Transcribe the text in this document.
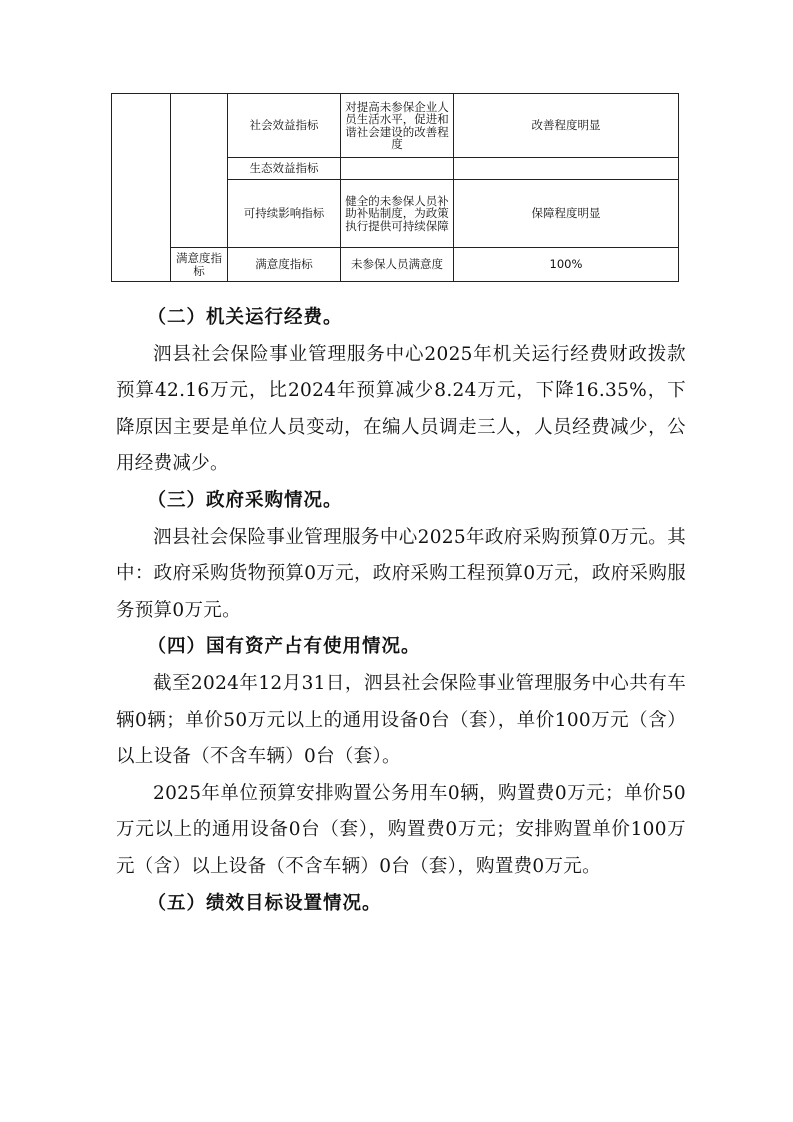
		社会效益指标	对提高未参保企业人员生活水平，促进和谐社会建设的改善程度	改善程度明显
		生态效益指标		
		可持续影响指标	健全的未参保人员补助补贴制度，为政策执行提供可持续保障	保障程度明显
	满意度指标	满意度指标	未参保人员满意度	100%
（二）机关运行经费。

泗县社会保险事业管理服务中心2025年机关运行经费财政拨款预算42.16万元，比2024年预算减少8.24万元，下降16.35%，下降原因主要是单位人员变动，在编人员调走三人，人员经费减少，公用经费减少。

（三）政府采购情况。

泗县社会保险事业管理服务中心2025年政府采购预算0万元。其中：政府采购货物预算0万元，政府采购工程预算0万元，政府采购服务预算0万元。

（四）国有资产占有使用情况。

截至2024年12月31日，泗县社会保险事业管理服务中心共有车辆0辆；单价50万元以上的通用设备0台（套），单价100万元（含）以上设备（不含车辆）0台（套）。

2025年单位预算安排购置公务用车0辆，购置费0万元；单价50万元以上的通用设备0台（套），购置费0万元；安排购置单价100万元（含）以上设备（不含车辆）0台（套），购置费0万元。

（五）绩效目标设置情况。
